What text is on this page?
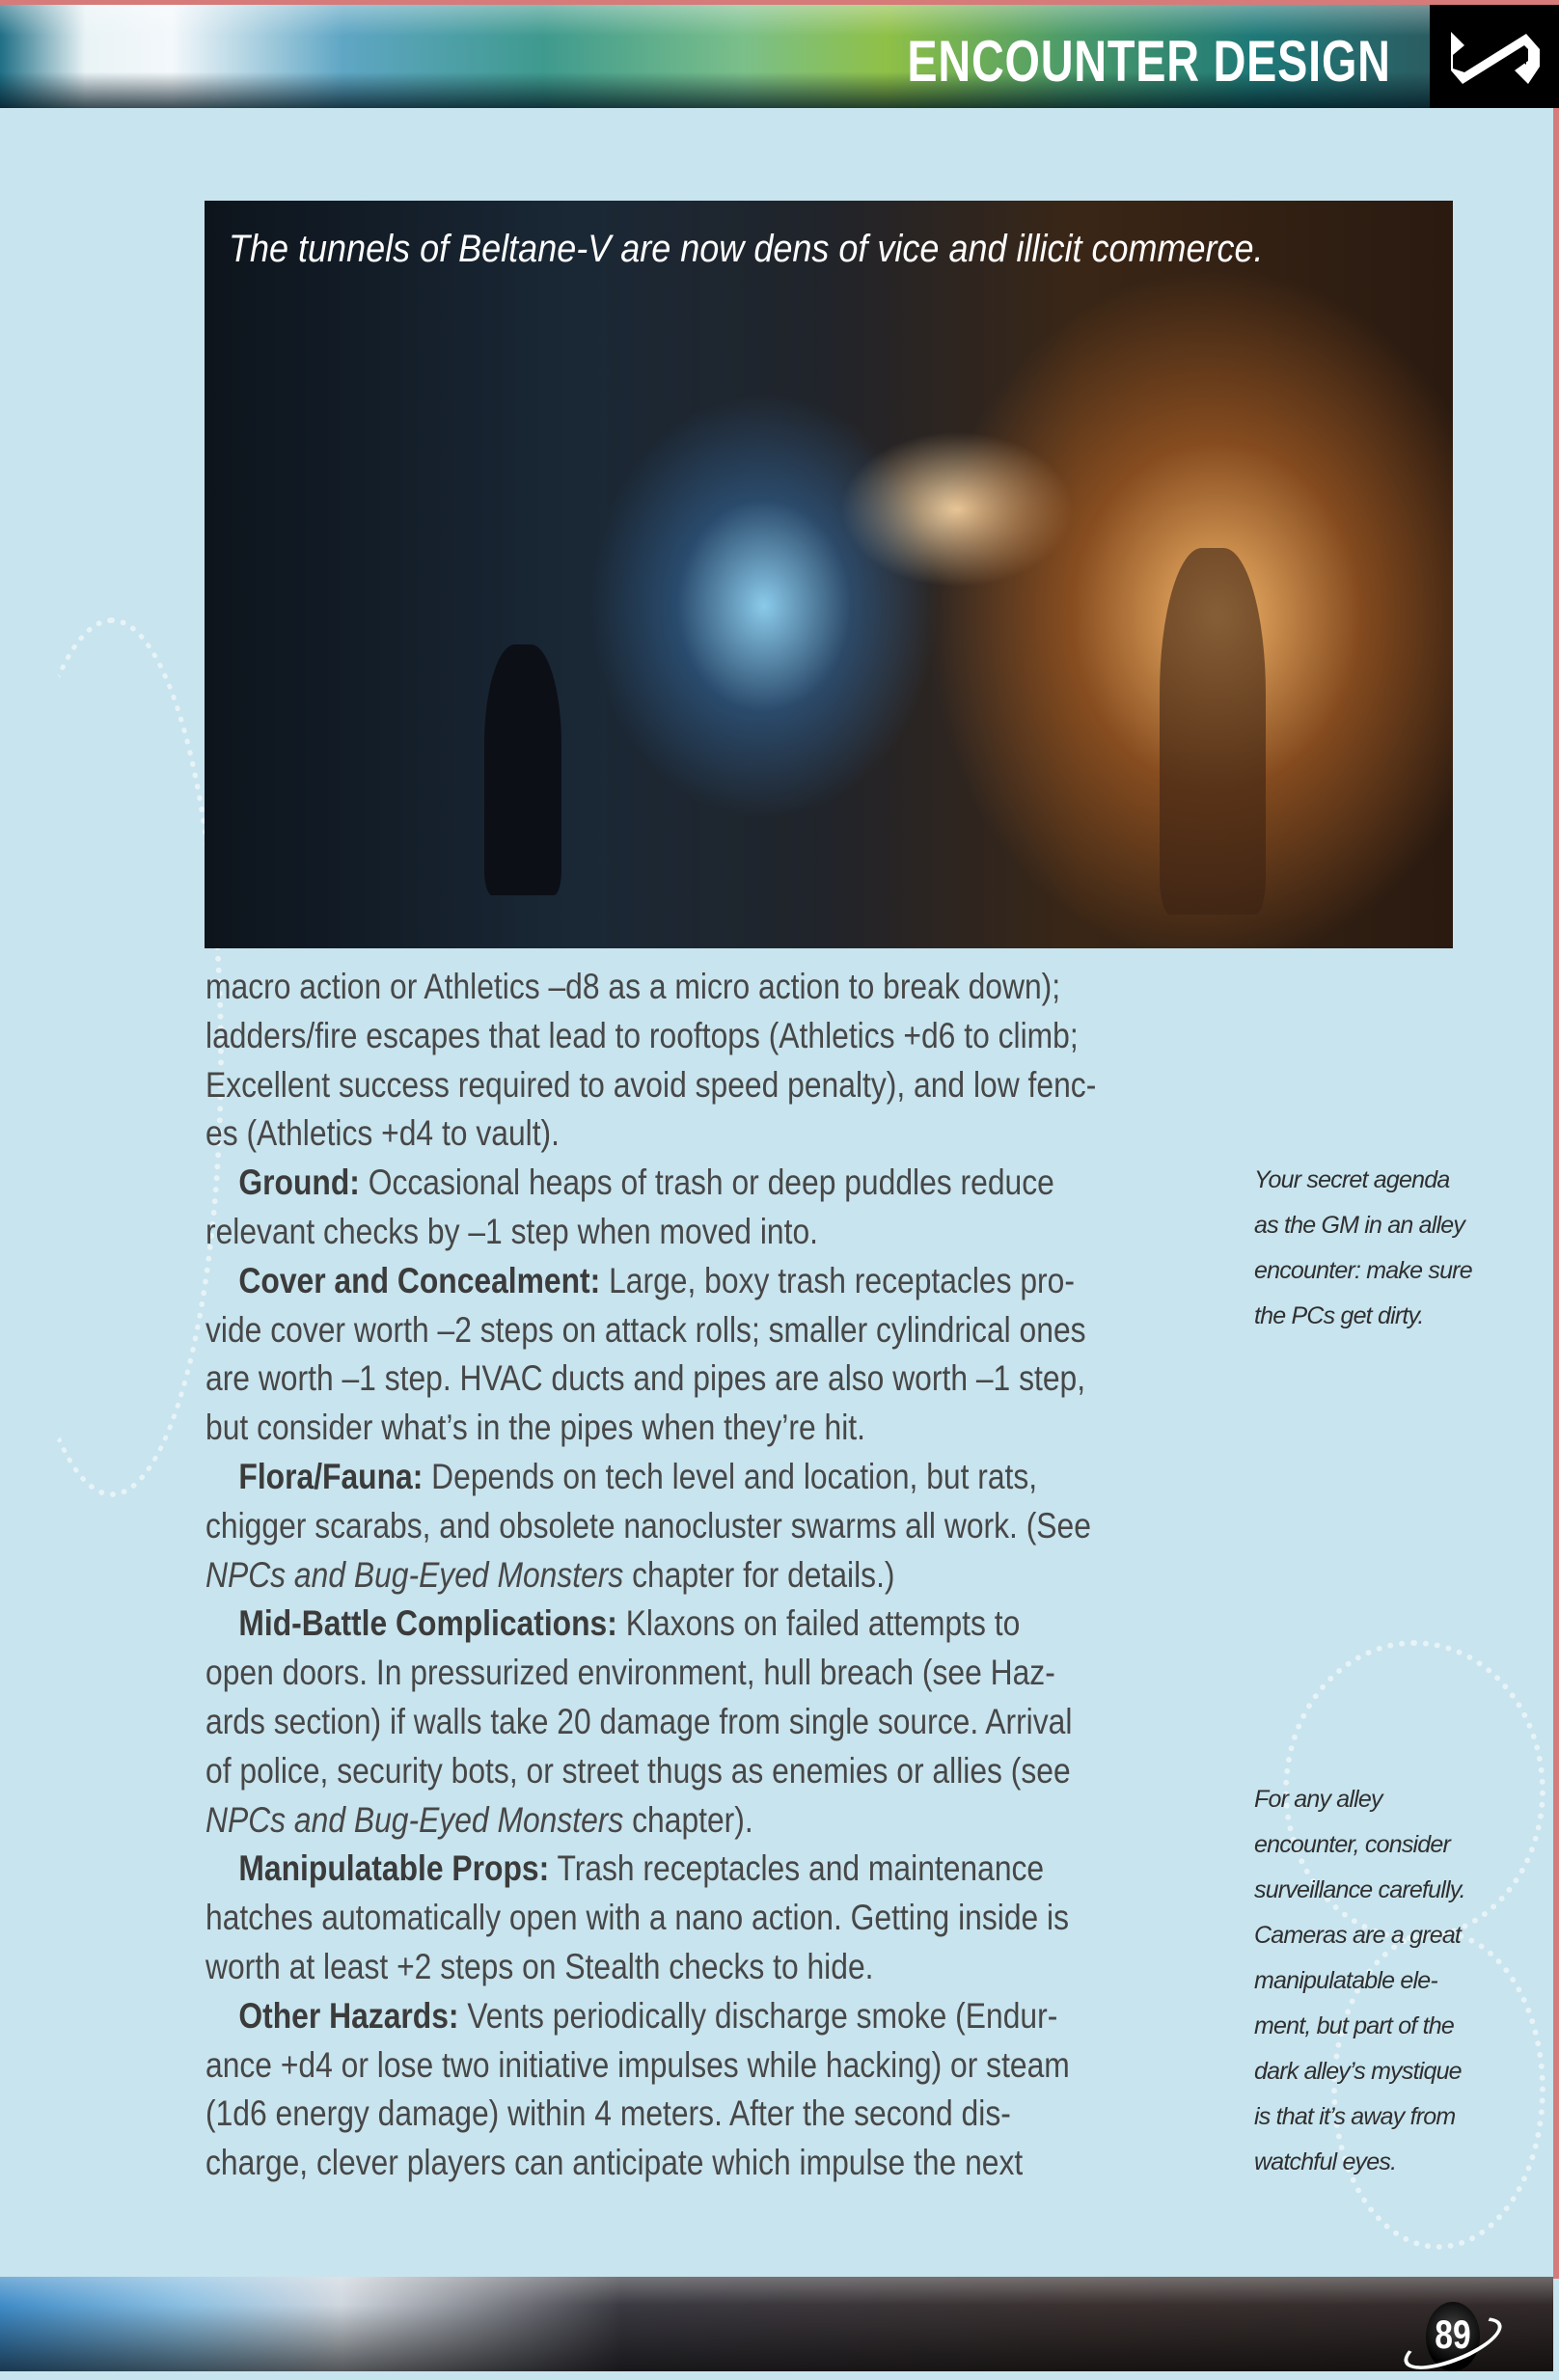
ENCOUNTER DESIGN
The tunnels of Beltane-V are now dens of vice and illicit commerce.
macro action or Athletics –d8 as a micro action to break down);
ladders/fire escapes that lead to rooftops (Athletics +d6 to climb;
Excellent success required to avoid speed penalty), and low fenc-
es (Athletics +d4 to vault).
Ground: Occasional heaps of trash or deep puddles reduce
relevant checks by –1 step when moved into.
Cover and Concealment: Large, boxy trash receptacles pro-
vide cover worth –2 steps on attack rolls; smaller cylindrical ones
are worth –1 step. HVAC ducts and pipes are also worth –1 step,
but consider what’s in the pipes when they’re hit.
Flora/Fauna: Depends on tech level and location, but rats,
chigger scarabs, and obsolete nanocluster swarms all work. (See
NPCs and Bug-Eyed Monsters chapter for details.)
Mid-Battle Complications: Klaxons on failed attempts to
open doors. In pressurized environment, hull breach (see Haz-
ards section) if walls take 20 damage from single source. Arrival
of police, security bots, or street thugs as enemies or allies (see
NPCs and Bug-Eyed Monsters chapter).
Manipulatable Props: Trash receptacles and maintenance
hatches automatically open with a nano action. Getting inside is
worth at least +2 steps on Stealth checks to hide.
Other Hazards: Vents periodically discharge smoke (Endur-
ance +d4 or lose two initiative impulses while hacking) or steam
(1d6 energy damage) within 4 meters. After the second dis-
charge, clever players can anticipate which impulse the next
Your secret agenda
as the GM in an alley
encounter: make sure
the PCs get dirty.
For any alley
encounter, consider
surveillance carefully.
Cameras are a great
manipulatable ele-
ment, but part of the
dark alley’s mystique
is that it’s away from
watchful eyes.
89
